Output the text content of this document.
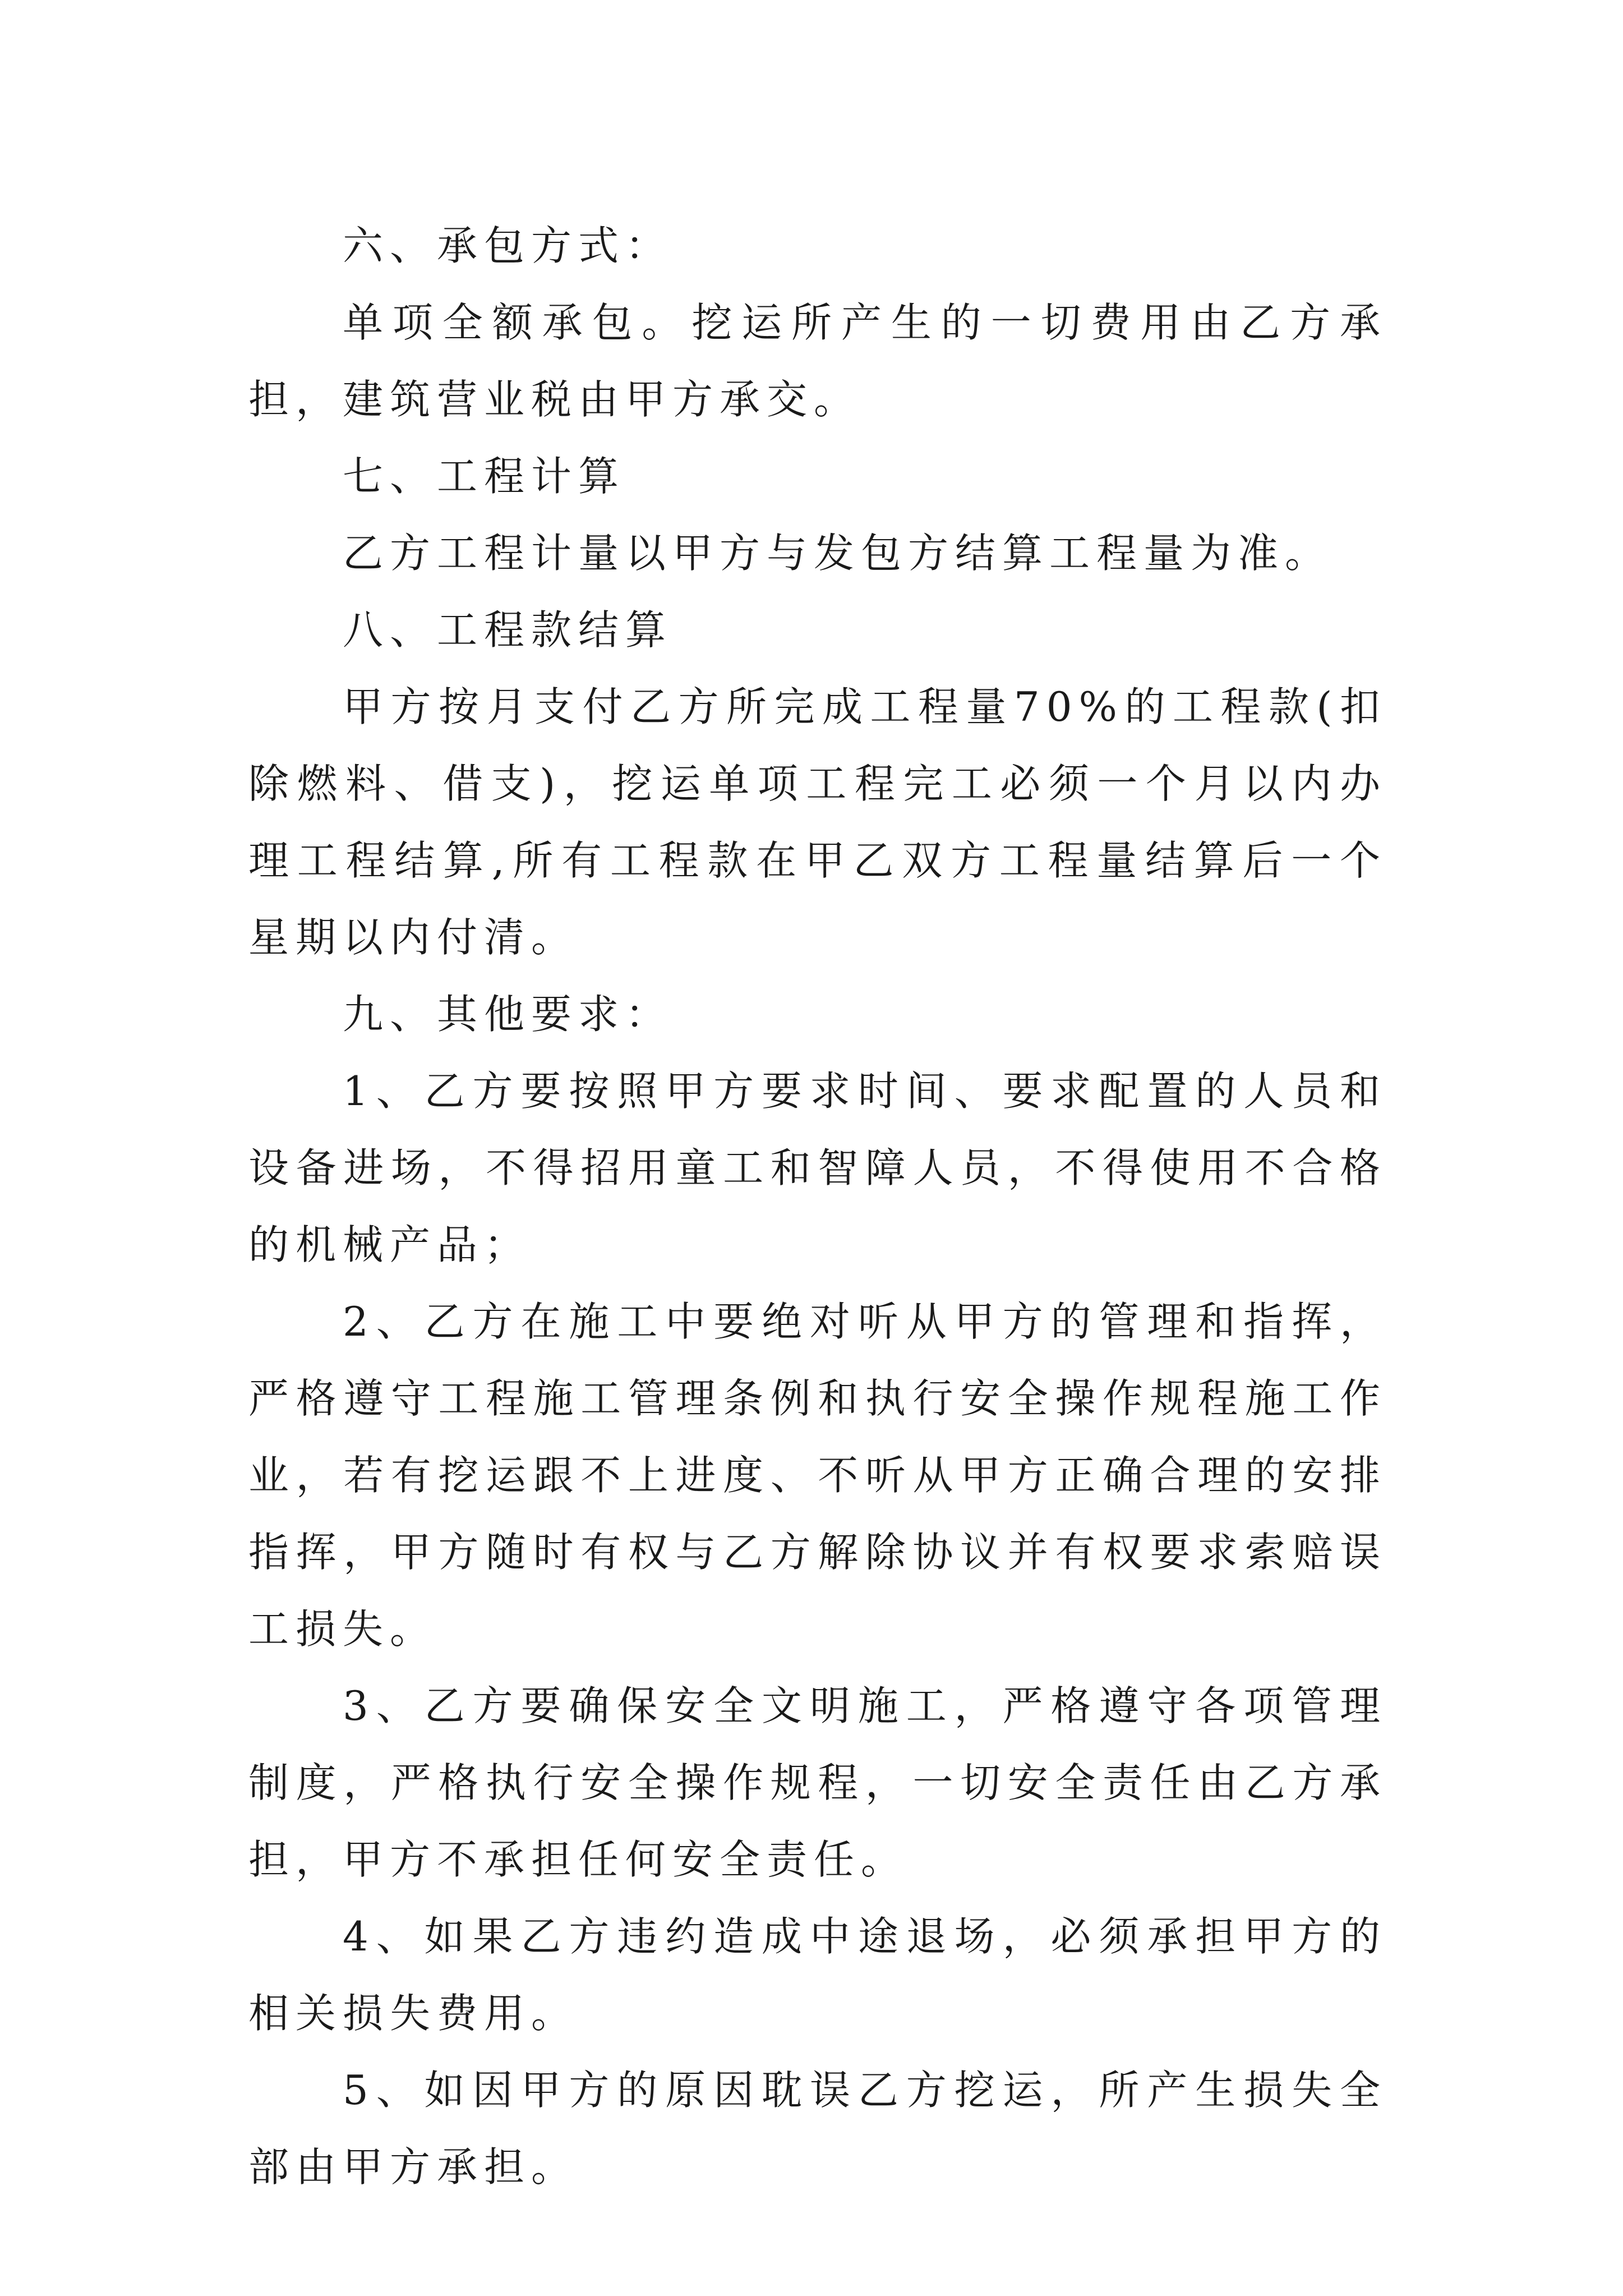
六、承包方式：

单项全额承包。挖运所产生的一切费用由乙方承担，建筑营业税由甲方承交。

七、工程计算

乙方工程计量以甲方与发包方结算工程量为准。

八、工程款结算

甲方按月支付乙方所完成工程量70%的工程款(扣除燃料、借支)，挖运单项工程完工必须一个月以内办理工程结算,所有工程款在甲乙双方工程量结算后一个星期以内付清。

九、其他要求：

1、乙方要按照甲方要求时间、要求配置的人员和设备进场，不得招用童工和智障人员，不得使用不合格的机械产品；

2、乙方在施工中要绝对听从甲方的管理和指挥，严格遵守工程施工管理条例和执行安全操作规程施工作业，若有挖运跟不上进度、不听从甲方正确合理的安排指挥，甲方随时有权与乙方解除协议并有权要求索赔误工损失。

3、乙方要确保安全文明施工，严格遵守各项管理制度，严格执行安全操作规程，一切安全责任由乙方承担，甲方不承担任何安全责任。

4、如果乙方违约造成中途退场，必须承担甲方的相关损失费用。

5、如因甲方的原因耽误乙方挖运，所产生损失全部由甲方承担。
